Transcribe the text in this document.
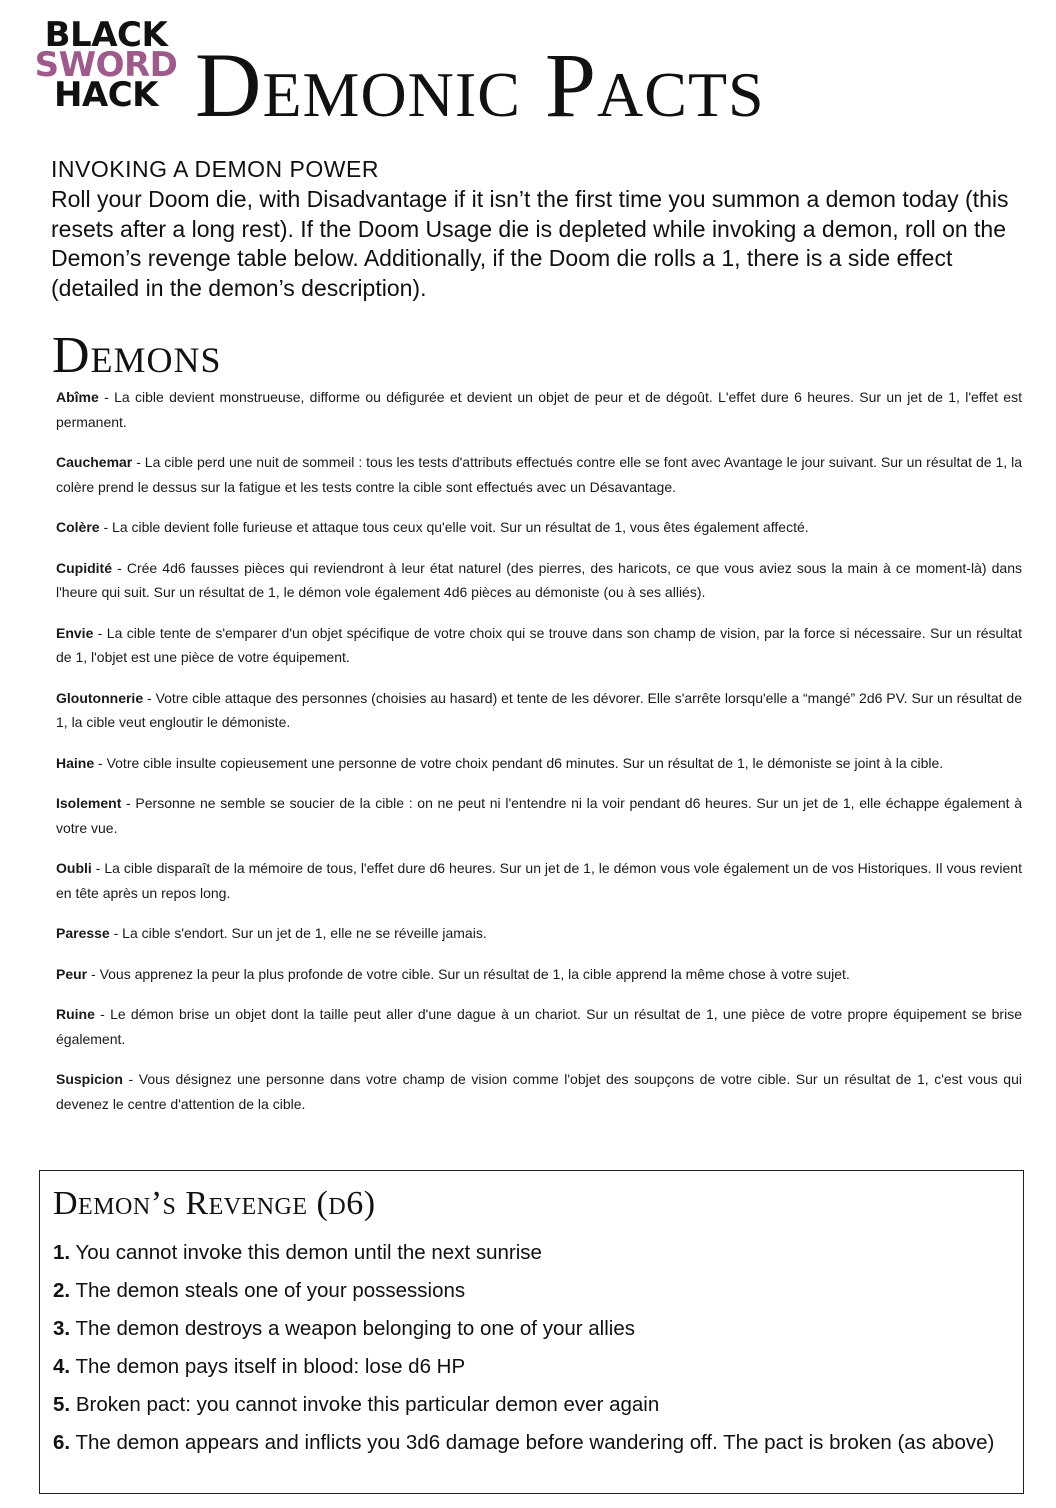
BLACK
SWORD
HACK Demonic Pacts
INVOKING A DEMON POWER

Roll your Doom die, with Disadvantage if it isn’t the first time you summon a demon today (this resets after a long rest). If the Doom Usage die is depleted while invoking a demon, roll on the Demon’s revenge table below. Additionally, if the Doom die rolls a 1, there is a side effect (detailed in the demon’s description).

Demons

Abîme - La cible devient monstrueuse, difforme ou défigurée et devient un objet de peur et de dégoût. L'effet dure 6 heures. Sur un jet de 1, l'effet est permanent.

Cauchemar - La cible perd une nuit de sommeil : tous les tests d'attributs effectués contre elle se font avec Avantage le jour suivant. Sur un résultat de 1, la colère prend le dessus sur la fatigue et les tests contre la cible sont effectués avec un Désavantage.

Colère - La cible devient folle furieuse et attaque tous ceux qu'elle voit. Sur un résultat de 1, vous êtes également affecté.

Cupidité - Crée 4d6 fausses pièces qui reviendront à leur état naturel (des pierres, des haricots, ce que vous aviez sous la main à ce moment-là) dans l'heure qui suit. Sur un résultat de 1, le démon vole également 4d6 pièces au démoniste (ou à ses alliés).

Envie - La cible tente de s'emparer d'un objet spécifique de votre choix qui se trouve dans son champ de vision, par la force si nécessaire. Sur un résultat de 1, l'objet est une pièce de votre équipement.

Gloutonnerie - Votre cible attaque des personnes (choisies au hasard) et tente de les dévorer. Elle s'arrête lorsqu'elle a “mangé” 2d6 PV. Sur un résultat de 1, la cible veut engloutir le démoniste.

Haine - Votre cible insulte copieusement une personne de votre choix pendant d6 minutes. Sur un résultat de 1, le démoniste se joint à la cible.

Isolement - Personne ne semble se soucier de la cible : on ne peut ni l'entendre ni la voir pendant d6 heures. Sur un jet de 1, elle échappe également à votre vue.

Oubli - La cible disparaît de la mémoire de tous, l'effet dure d6 heures. Sur un jet de 1, le démon vous vole également un de vos Historiques. Il vous revient en tête après un repos long.

Paresse - La cible s'endort. Sur un jet de 1, elle ne se réveille jamais.

Peur - Vous apprenez la peur la plus profonde de votre cible. Sur un résultat de 1, la cible apprend la même chose à votre sujet.

Ruine - Le démon brise un objet dont la taille peut aller d'une dague à un chariot. Sur un résultat de 1, une pièce de votre propre équipement se brise également.

Suspicion - Vous désignez une personne dans votre champ de vision comme l'objet des soupçons de votre cible. Sur un résultat de 1, c'est vous qui devenez le centre d'attention de la cible.

Demon’s Revenge (d6)
1. You cannot invoke this demon until the next sunrise
2. The demon steals one of your possessions
3. The demon destroys a weapon belonging to one of your allies
4. The demon pays itself in blood: lose d6 HP
5. Broken pact: you cannot invoke this particular demon ever again
6. The demon appears and inflicts you 3d6 damage before wandering off. The pact is broken (as above)
